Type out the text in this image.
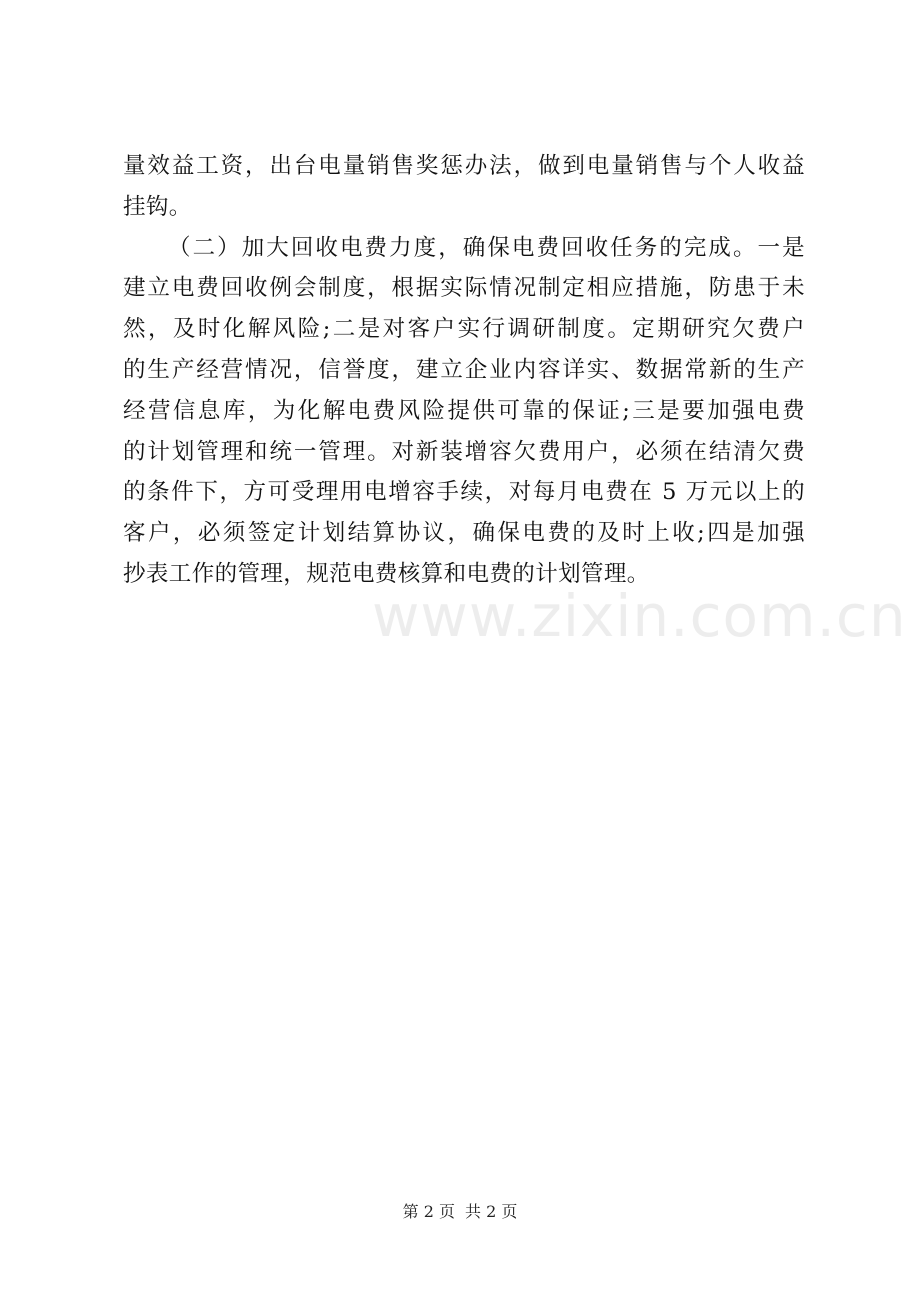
量效益工资，出台电量销售奖惩办法，做到电量销售与个人收益
挂钩。
（二）加大回收电费力度，确保电费回收任务的完成。一是
建立电费回收例会制度，根据实际情况制定相应措施，防患于未
然，及时化解风险;二是对客户实行调研制度。定期研究欠费户
的生产经营情况，信誉度，建立企业内容详实、数据常新的生产
经营信息库，为化解电费风险提供可靠的保证;三是要加强电费
的计划管理和统一管理。对新装增容欠费用户，必须在结清欠费
的条件下，方可受理用电增容手续，对每月电费在 5 万元以上的
客户，必须签定计划结算协议，确保电费的及时上收;四是加强
抄表工作的管理，规范电费核算和电费的计划管理。
www.zixin.com.cn
第 2 页 共 2 页
